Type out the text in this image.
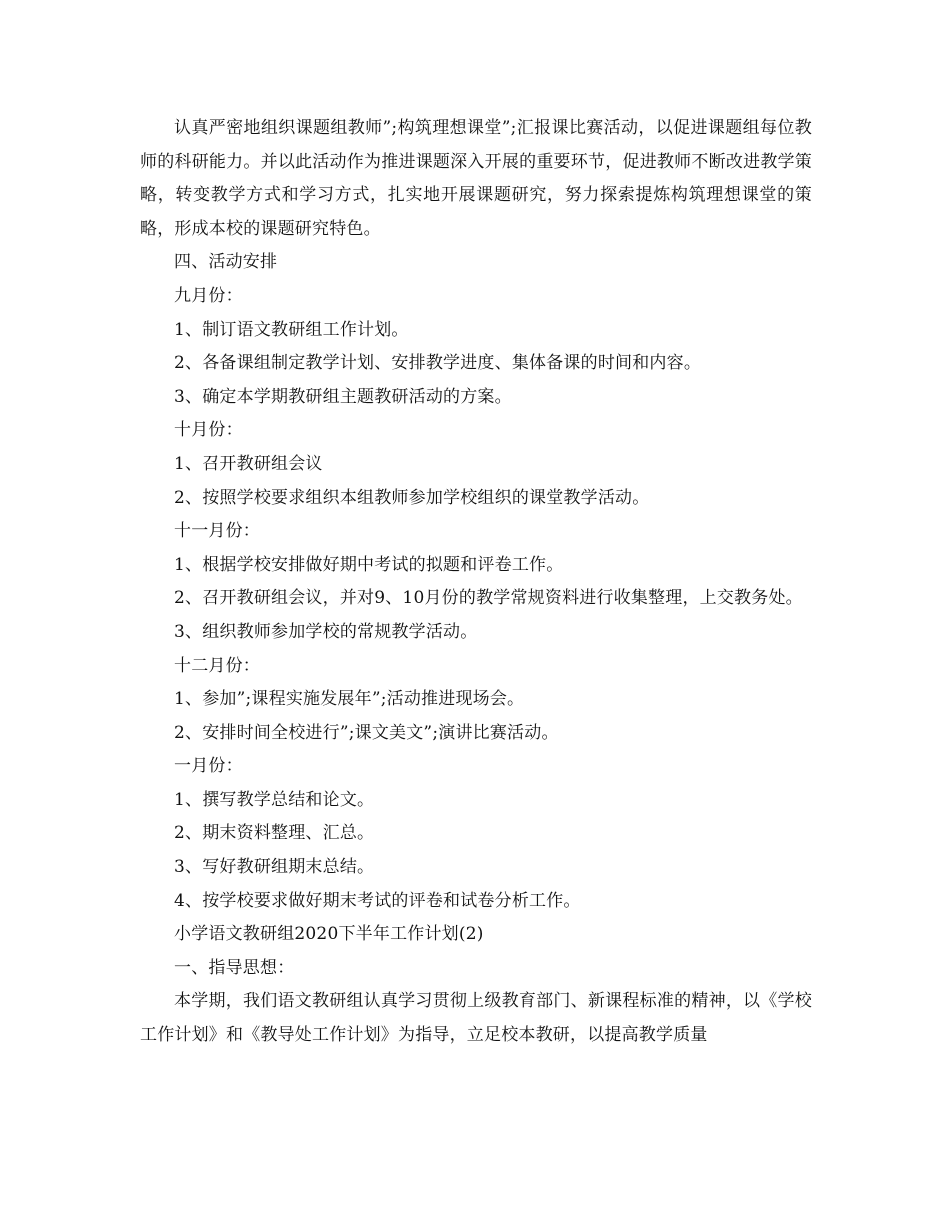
认真严密地组织课题组教师”;构筑理想课堂”;汇报课比赛活动，以促进课题组每位教师的科研能力。并以此活动作为推进课题深入开展的重要环节，促进教师不断改进教学策略，转变教学方式和学习方式，扎实地开展课题研究，努力探索提炼构筑理想课堂的策略，形成本校的课题研究特色。

四、活动安排

九月份：

1、制订语文教研组工作计划。

2、各备课组制定教学计划、安排教学进度、集体备课的时间和内容。

3、确定本学期教研组主题教研活动的方案。

十月份：

1、召开教研组会议

2、按照学校要求组织本组教师参加学校组织的课堂教学活动。

十一月份：

1、根据学校安排做好期中考试的拟题和评卷工作。

2、召开教研组会议，并对9、10月份的教学常规资料进行收集整理，上交教务处。

3、组织教师参加学校的常规教学活动。

十二月份：

1、参加”;课程实施发展年”;活动推进现场会。

2、安排时间全校进行”;课文美文”;演讲比赛活动。

一月份：

1、撰写教学总结和论文。

2、期末资料整理、汇总。

3、写好教研组期末总结。

4、按学校要求做好期末考试的评卷和试卷分析工作。

小学语文教研组2020下半年工作计划(2)

一、指导思想：

本学期，我们语文教研组认真学习贯彻上级教育部门、新课程标准的精神，以《学校工作计划》和《教导处工作计划》为指导，立足校本教研，以提高教学质量
